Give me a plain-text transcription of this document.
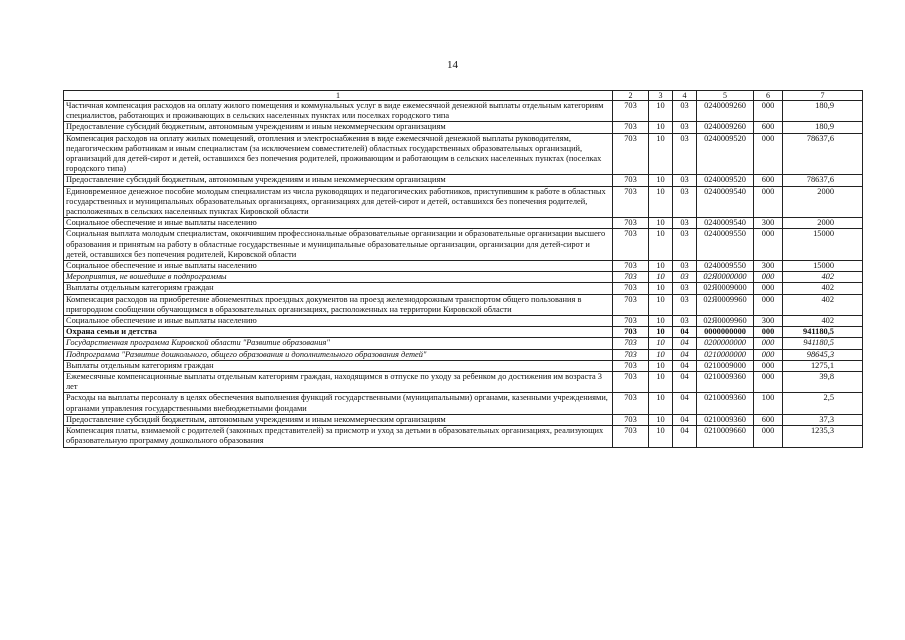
14
1	2	3	4	5	6	7
Частичная компенсация расходов на оплату жилого помещения и коммунальных услуг в виде ежемесячной денежной выплаты отдельным категориям специалистов, работающих и проживающих в сельских населенных пунктах или поселках городского типа	703	10	03	0240009260	000	180,9
Предоставление субсидий бюджетным, автономным учреждениям и иным некоммерческим организациям	703	10	03	0240009260	600	180,9
Компенсация расходов на оплату жилых помещений, отопления и электроснабжения в виде ежемесячной денежной выплаты руководителям, педагогическим работникам и иным специалистам (за исключением совместителей) областных государственных образовательных организаций, организаций для детей-сирот и детей, оставшихся без попечения родителей, проживающим и работающим в сельских населенных пунктах (поселках городского типа)	703	10	03	0240009520	000	78637,6
Предоставление субсидий бюджетным, автономным учреждениям и иным некоммерческим организациям	703	10	03	0240009520	600	78637,6
Единовременное денежное пособие молодым специалистам из числа руководящих и педагогических работников, приступившим к работе в областных государственных и муниципальных образовательных организациях, организациях для детей-сирот и детей, оставшихся без попечения родителей, расположенных в сельских населенных пунктах Кировской области	703	10	03	0240009540	000	2000
Социальное обеспечение и иные выплаты населению	703	10	03	0240009540	300	2000
Социальная выплата молодым специалистам, окончившим профессиональные образовательные организации и образовательные организации высшего образования и принятым на работу в областные государственные и муниципальные образовательные организации, организации для детей-сирот и детей, оставшихся без попечения родителей, Кировской области	703	10	03	0240009550	000	15000
Социальное обеспечение и иные выплаты населению	703	10	03	0240009550	300	15000
Мероприятия, не вошедшие в подпрограммы	703	10	03	02Я0000000	000	402
Выплаты отдельным категориям граждан	703	10	03	02Я0009000	000	402
Компенсация расходов на приобретение абонементных проездных документов на проезд железнодорожным транспортом общего пользования в пригородном сообщении обучающимся в образовательных организациях, расположенных на территории Кировской области	703	10	03	02Я0009960	000	402
Социальное обеспечение и иные выплаты населению	703	10	03	02Я0009960	300	402
Охрана семьи и детства	703	10	04	0000000000	000	941180,5
Государственная программа Кировской области "Развитие образования"	703	10	04	0200000000	000	941180,5
Подпрограмма "Развитие дошкольного, общего образования и дополнительного образования детей"	703	10	04	0210000000	000	98645,3
Выплаты отдельным категориям граждан	703	10	04	0210009000	000	1275,1
Ежемесячные компенсационные выплаты отдельным категориям граждан, находящимся в отпуске по уходу за ребенком до достижения им возраста 3 лет	703	10	04	0210009360	000	39,8
Расходы на выплаты персоналу в целях обеспечения выполнения функций государственными (муниципальными) органами, казенными учреждениями, органами управления государственными внебюджетными фондами	703	10	04	0210009360	100	2,5
Предоставление субсидий бюджетным, автономным учреждениям и иным некоммерческим организациям	703	10	04	0210009360	600	37,3
Компенсация платы, взимаемой с родителей (законных представителей) за присмотр и уход за детьми в образовательных организациях, реализующих образовательную программу дошкольного образования	703	10	04	0210009660	000	1235,3
